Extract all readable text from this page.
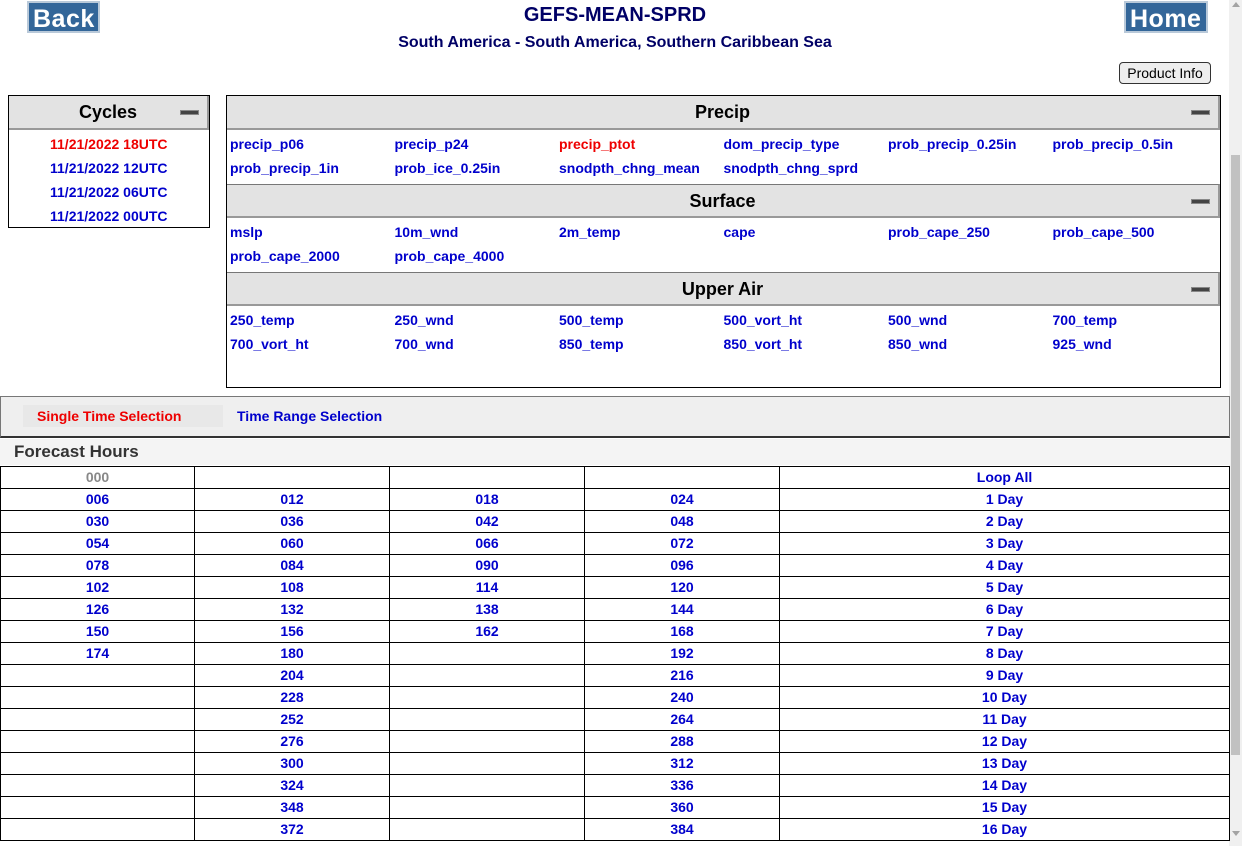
Back	Home
GEFS-MEAN-SPRD
South America - South America, Southern Caribbean Sea
Product Info
Cycles
11/21/2022 18UTC
11/21/2022 12UTC
11/21/2022 06UTC
11/21/2022 00UTC
Precip
precip_p06	precip_p24	precip_ptot	dom_precip_type	prob_precip_0.25in	prob_precip_0.5in
prob_precip_1in	prob_ice_0.25in	snodpth_chng_mean	snodpth_chng_sprd
Surface
mslp	10m_wnd	2m_temp	cape	prob_cape_250	prob_cape_500
prob_cape_2000	prob_cape_4000
Upper Air
250_temp	250_wnd	500_temp	500_vort_ht	500_wnd	700_temp
700_vort_ht	700_wnd	850_temp	850_vort_ht	850_wnd	925_wnd
Single Time Selection	Time Range Selection
Forecast Hours
000				Loop All
006	012	018	024	1 Day
030	036	042	048	2 Day
054	060	066	072	3 Day
078	084	090	096	4 Day
102	108	114	120	5 Day
126	132	138	144	6 Day
150	156	162	168	7 Day
174	180		192	8 Day
	204		216	9 Day
	228		240	10 Day
	252		264	11 Day
	276		288	12 Day
	300		312	13 Day
	324		336	14 Day
	348		360	15 Day
	372		384	16 Day
